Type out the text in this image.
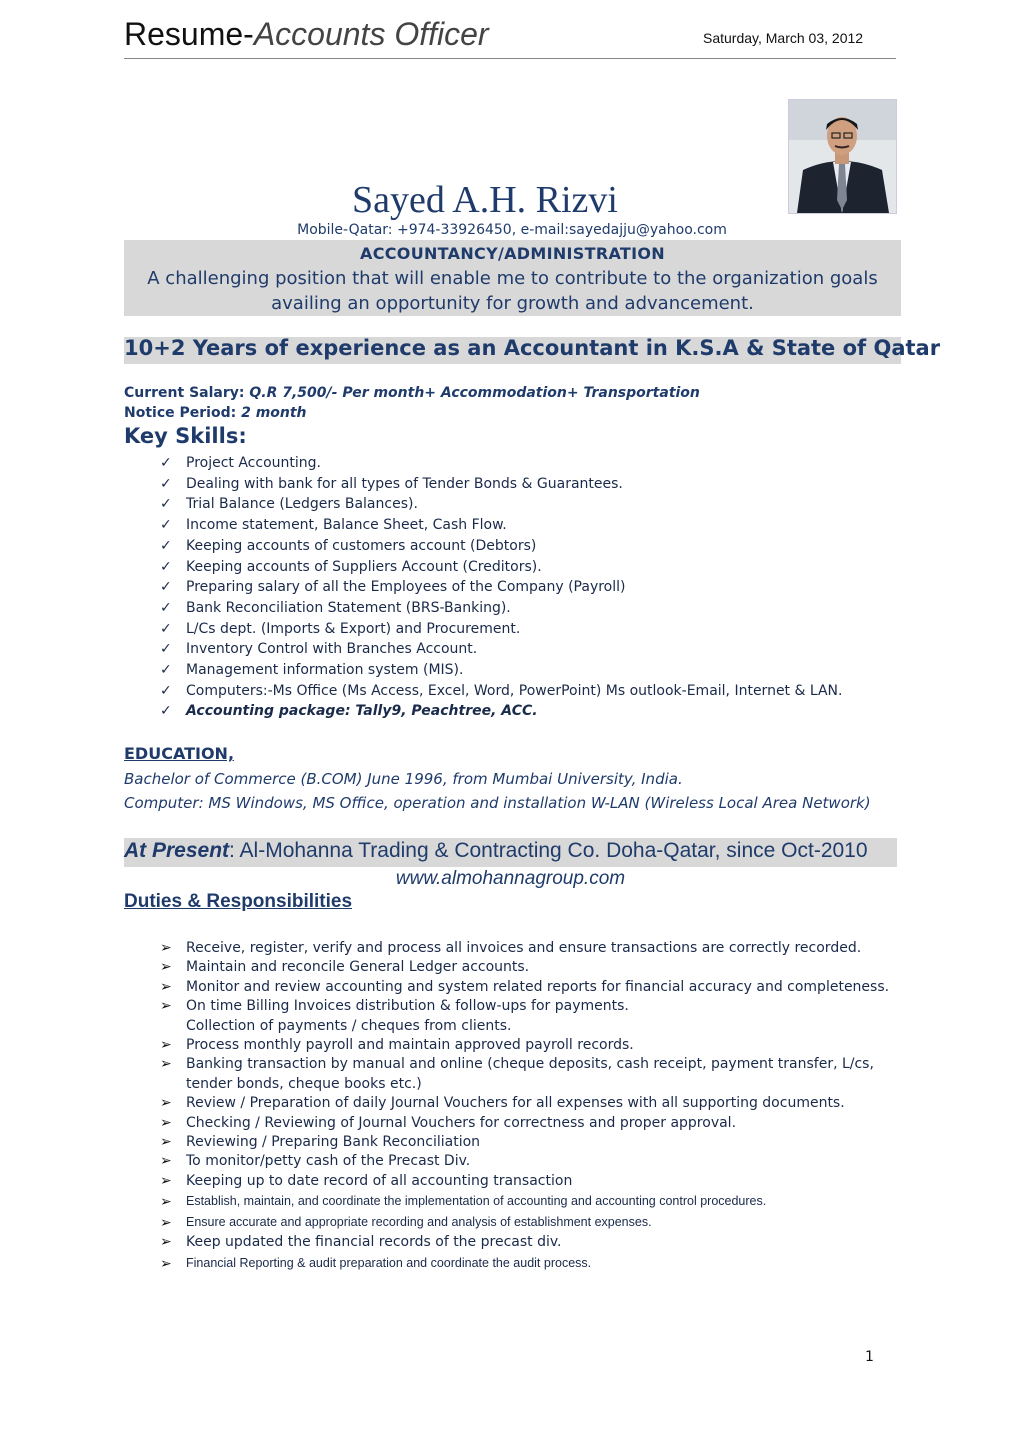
Resume-Accounts Officer	Saturday, March 03, 2012
Sayed A.H. Rizvi
Mobile-Qatar: +974-33926450, e-mail:sayedajju@yahoo.com
ACCOUNTANCY/ADMINISTRATION
A challenging position that will enable me to contribute to the organization goals availing an opportunity for growth and advancement.
10+2 Years of experience as an Accountant in K.S.A & State of Qatar
Current Salary: Q.R 7,500/- Per month+ Accommodation+ Transportation
Notice Period: 2 month
Key Skills:
✓ Project Accounting.
✓ Dealing with bank for all types of Tender Bonds & Guarantees.
✓ Trial Balance (Ledgers Balances).
✓ Income statement, Balance Sheet, Cash Flow.
✓ Keeping accounts of customers account (Debtors)
✓ Keeping accounts of Suppliers Account (Creditors).
✓ Preparing salary of all the Employees of the Company (Payroll)
✓ Bank Reconciliation Statement (BRS-Banking).
✓ L/Cs dept. (Imports & Export) and Procurement.
✓ Inventory Control with Branches Account.
✓ Management information system (MIS).
✓ Computers:-Ms Office (Ms Access, Excel, Word, PowerPoint) Ms outlook-Email, Internet & LAN.
✓ Accounting package: Tally9, Peachtree, ACC.
EDUCATION,
Bachelor of Commerce (B.COM) June 1996, from Mumbai University, India.
Computer: MS Windows, MS Office, operation and installation W-LAN (Wireless Local Area Network)
At Present: Al-Mohanna Trading & Contracting Co. Doha-Qatar, since Oct-2010
www.almohannagroup.com
Duties & Responsibilities
➢ Receive, register, verify and process all invoices and ensure transactions are correctly recorded.
➢ Maintain and reconcile General Ledger accounts.
➢ Monitor and review accounting and system related reports for financial accuracy and completeness.
➢ On time Billing Invoices distribution & follow-ups for payments.
Collection of payments / cheques from clients.
➢ Process monthly payroll and maintain approved payroll records.
➢ Banking transaction by manual and online (cheque deposits, cash receipt, payment transfer, L/cs, tender bonds, cheque books etc.)
➢ Review / Preparation of daily Journal Vouchers for all expenses with all supporting documents.
➢ Checking / Reviewing of Journal Vouchers for correctness and proper approval.
➢ Reviewing / Preparing Bank Reconciliation
➢ To monitor/petty cash of the Precast Div.
➢ Keeping up to date record of all accounting transaction
➢ Establish, maintain, and coordinate the implementation of accounting and accounting control procedures.
➢ Ensure accurate and appropriate recording and analysis of establishment expenses.
➢ Keep updated the financial records of the precast div.
➢ Financial Reporting & audit preparation and coordinate the audit process.
1
